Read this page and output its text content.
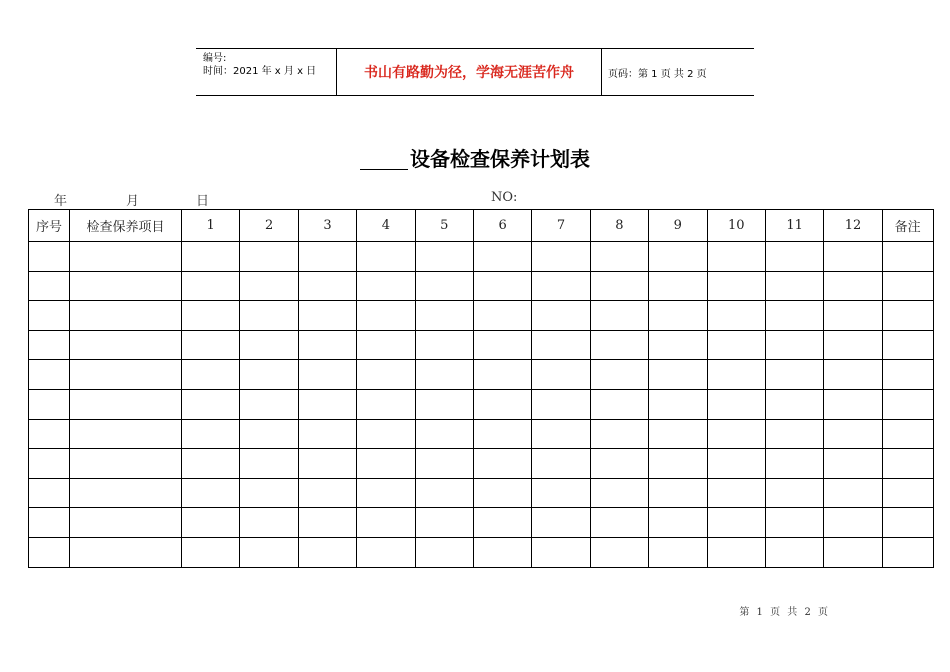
编号:
时间：2021 年 x 月 x 日	书山有路勤为径，学海无涯苦作舟	页码：第 1 页 共 2 页
设备检查保养计划表
年	月	日	NO:
序号	检查保养项目	1	2	3	4	5	6	7	8	9	10	11	12	备注

第 1 页 共 2 页
